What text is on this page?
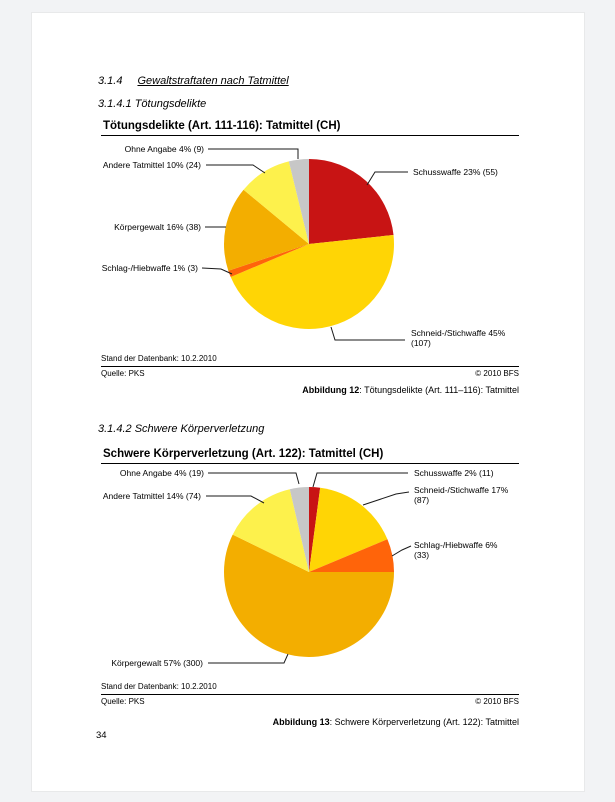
3.1.4 Gewaltstraftaten nach Tatmittel
3.1.4.1 Tötungsdelikte
Tötungsdelikte (Art. 111-116): Tatmittel (CH)
Ohne Angabe 4% (9)
Andere Tatmittel 10% (24)
Körpergewalt 16% (38)
Schlag-/Hiebwaffe 1% (3)
Schusswaffe 23% (55)
Schneid-/Stichwaffe 45%
(107)
Stand der Datenbank: 10.2.2010
Quelle: PKS	© 2010 BFS
Abbildung 12: Tötungsdelikte (Art. 111–116): Tatmittel
3.1.4.2 Schwere Körperverletzung
Schwere Körperverletzung (Art. 122): Tatmittel (CH)
Ohne Angabe 4% (19)
Andere Tatmittel 14% (74)
Schusswaffe 2% (11)
Schneid-/Stichwaffe 17%
(87)
Schlag-/Hiebwaffe 6%
(33)
Körpergewalt 57% (300)
Stand der Datenbank: 10.2.2010
Quelle: PKS	© 2010 BFS
Abbildung 13: Schwere Körperverletzung (Art. 122): Tatmittel
34
